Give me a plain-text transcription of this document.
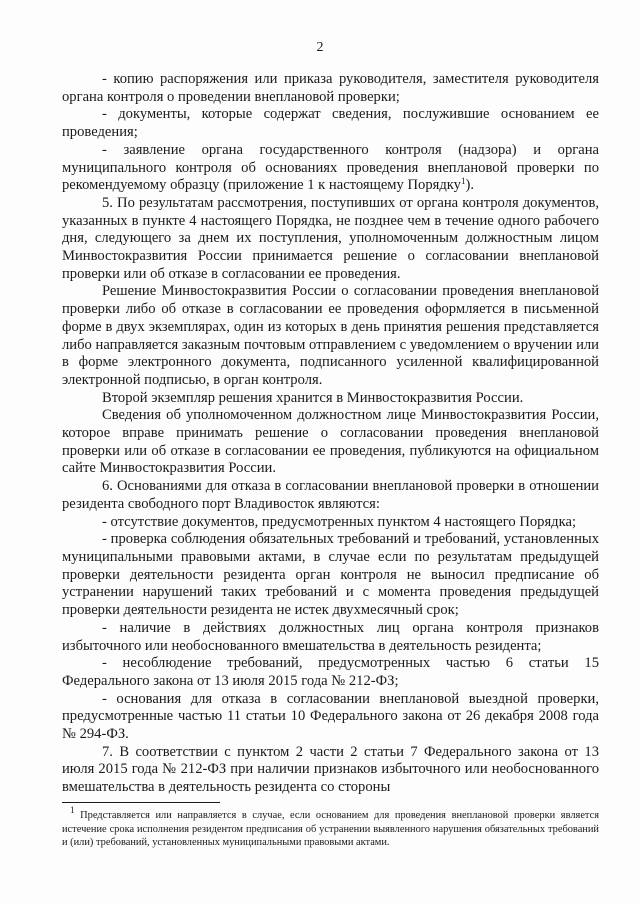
2

- копию распоряжения или приказа руководителя, заместителя руководителя органа контроля о проведении внеплановой проверки;

- документы, которые содержат сведения, послужившие основанием ее проведения;

- заявление органа государственного контроля (надзора) и органа муниципального контроля об основаниях проведения внеплановой проверки по рекомендуемому образцу (приложение 1 к настоящему Порядку$^1$).

5. По результатам рассмотрения, поступивших от органа контроля документов, указанных в пункте 4 настоящего Порядка, не позднее чем в течение одного рабочего дня, следующего за днем их поступления, уполномоченным должностным лицом Минвостокразвития России принимается решение о согласовании внеплановой проверки или об отказе в согласовании ее проведения.

Решение Минвостокразвития России о согласовании проведения внеплановой проверки либо об отказе в согласовании ее проведения оформляется в письменной форме в двух экземплярах, один из которых в день принятия решения представляется либо направляется заказным почтовым отправлением с уведомлением о вручении или в форме электронного документа, подписанного усиленной квалифицированной электронной подписью, в орган контроля.

Второй экземпляр решения хранится в Минвостокразвития России.

Сведения об уполномоченном должностном лице Минвостокразвития России, которое вправе принимать решение о согласовании проведения внеплановой проверки или об отказе в согласовании ее проведения, публикуются на официальном сайте Минвостокразвития России.

6. Основаниями для отказа в согласовании внеплановой проверки в отношении резидента свободного порт Владивосток являются:

- отсутствие документов, предусмотренных пунктом 4 настоящего Порядка;

- проверка соблюдения обязательных требований и требований, установленных муниципальными правовыми актами, в случае если по результатам предыдущей проверки деятельности резидента орган контроля не выносил предписание об устранении нарушений таких требований и с момента проведения предыдущей проверки деятельности резидента не истек двухмесячный срок;

- наличие в действиях должностных лиц органа контроля признаков избыточного или необоснованного вмешательства в деятельность резидента;

- несоблюдение требований, предусмотренных частью 6 статьи 15 Федерального закона от 13 июля 2015 года № 212-ФЗ;

- основания для отказа в согласовании внеплановой выездной проверки, предусмотренные частью 11 статьи 10 Федерального закона от 26 декабря 2008 года № 294-ФЗ.

7. В соответствии с пунктом 2 части 2 статьи 7 Федерального закона от 13 июля 2015 года № 212-ФЗ при наличии признаков избыточного или необоснованного вмешательства в деятельность резидента со стороны

$^1$ Представляется или направляется в случае, если основанием для проведения внеплановой проверки является истечение срока исполнения резидентом предписания об устранении выявленного нарушения обязательных требований и (или) требований, установленных муниципальными правовыми актами.
